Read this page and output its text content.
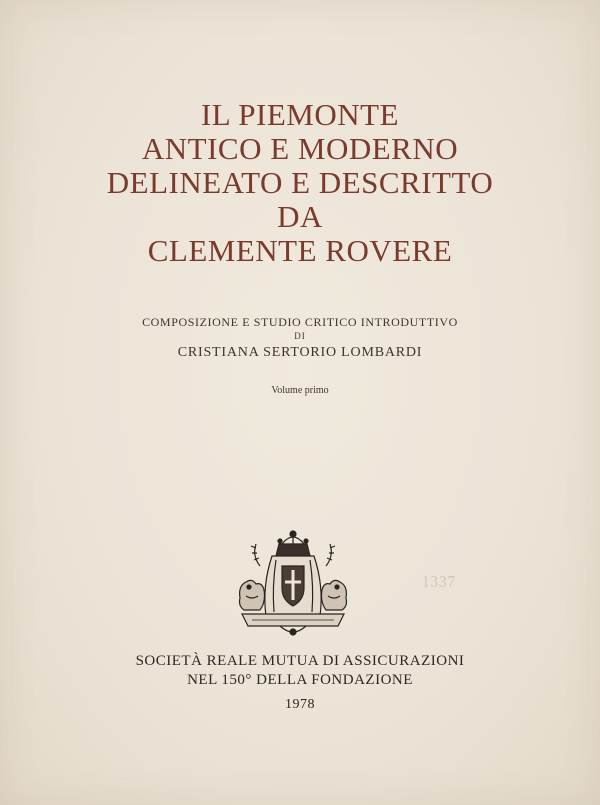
IL PIEMONTE
ANTICO E MODERNO
DELINEATO E DESCRITTO
DA
CLEMENTE ROVERE
COMPOSIZIONE E STUDIO CRITICO INTRODUTTIVO
DI
CRISTIANA SERTORIO LOMBARDI
Volume primo
1337
SOCIETÀ REALE MUTUA DI ASSICURAZIONI
NEL 150° DELLA FONDAZIONE
1978
